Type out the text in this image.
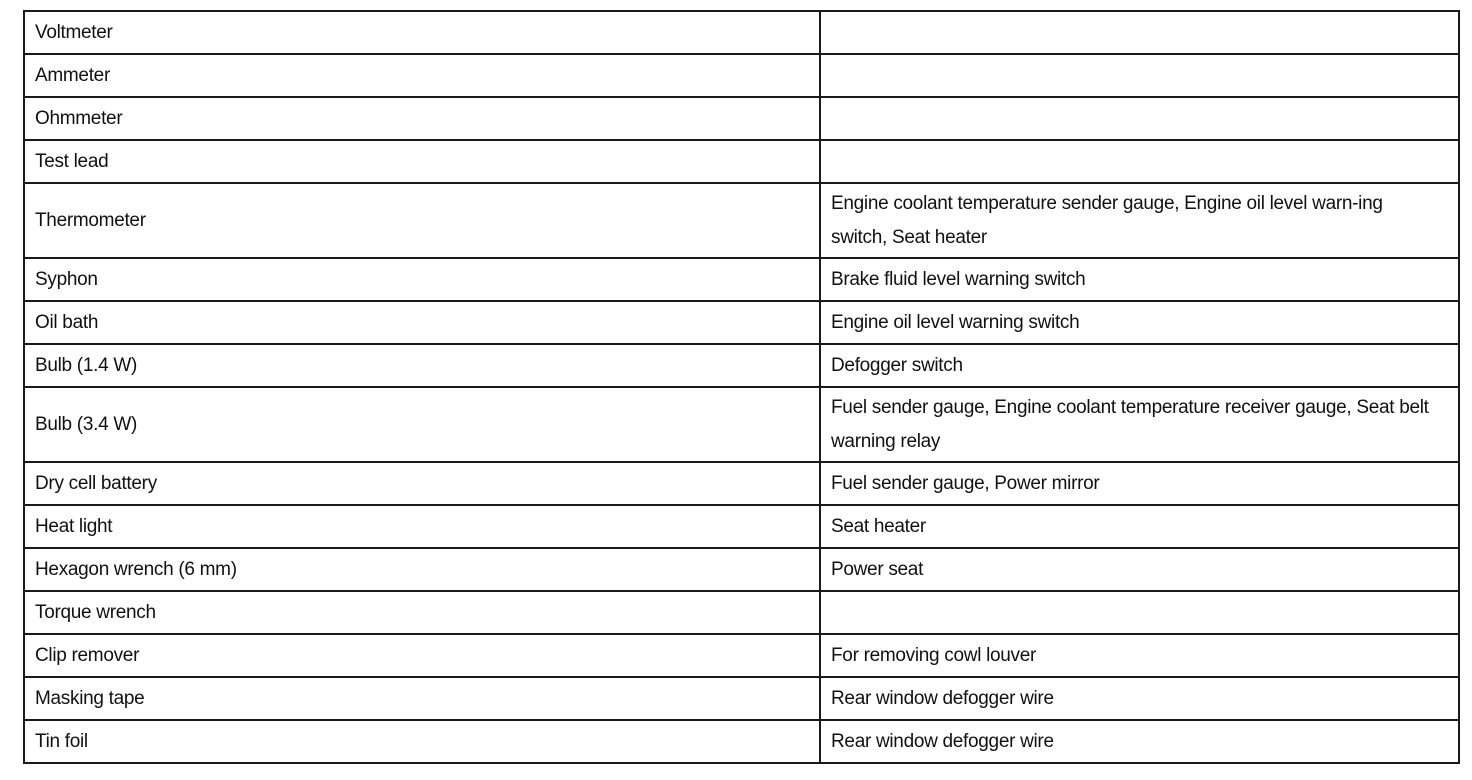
Voltmeter	
Ammeter	
Ohmmeter	
Test lead	
Thermometer	Engine coolant temperature sender gauge, Engine oil level warn-ing switch, Seat heater
Syphon	Brake fluid level warning switch
Oil bath	Engine oil level warning switch
Bulb (1.4 W)	Defogger switch
Bulb (3.4 W)	Fuel sender gauge, Engine coolant temperature receiver gauge, Seat belt warning relay
Dry cell battery	Fuel sender gauge, Power mirror
Heat light	Seat heater
Hexagon wrench (6 mm)	Power seat
Torque wrench	
Clip remover	For removing cowl louver
Masking tape	Rear window defogger wire
Tin foil	Rear window defogger wire
